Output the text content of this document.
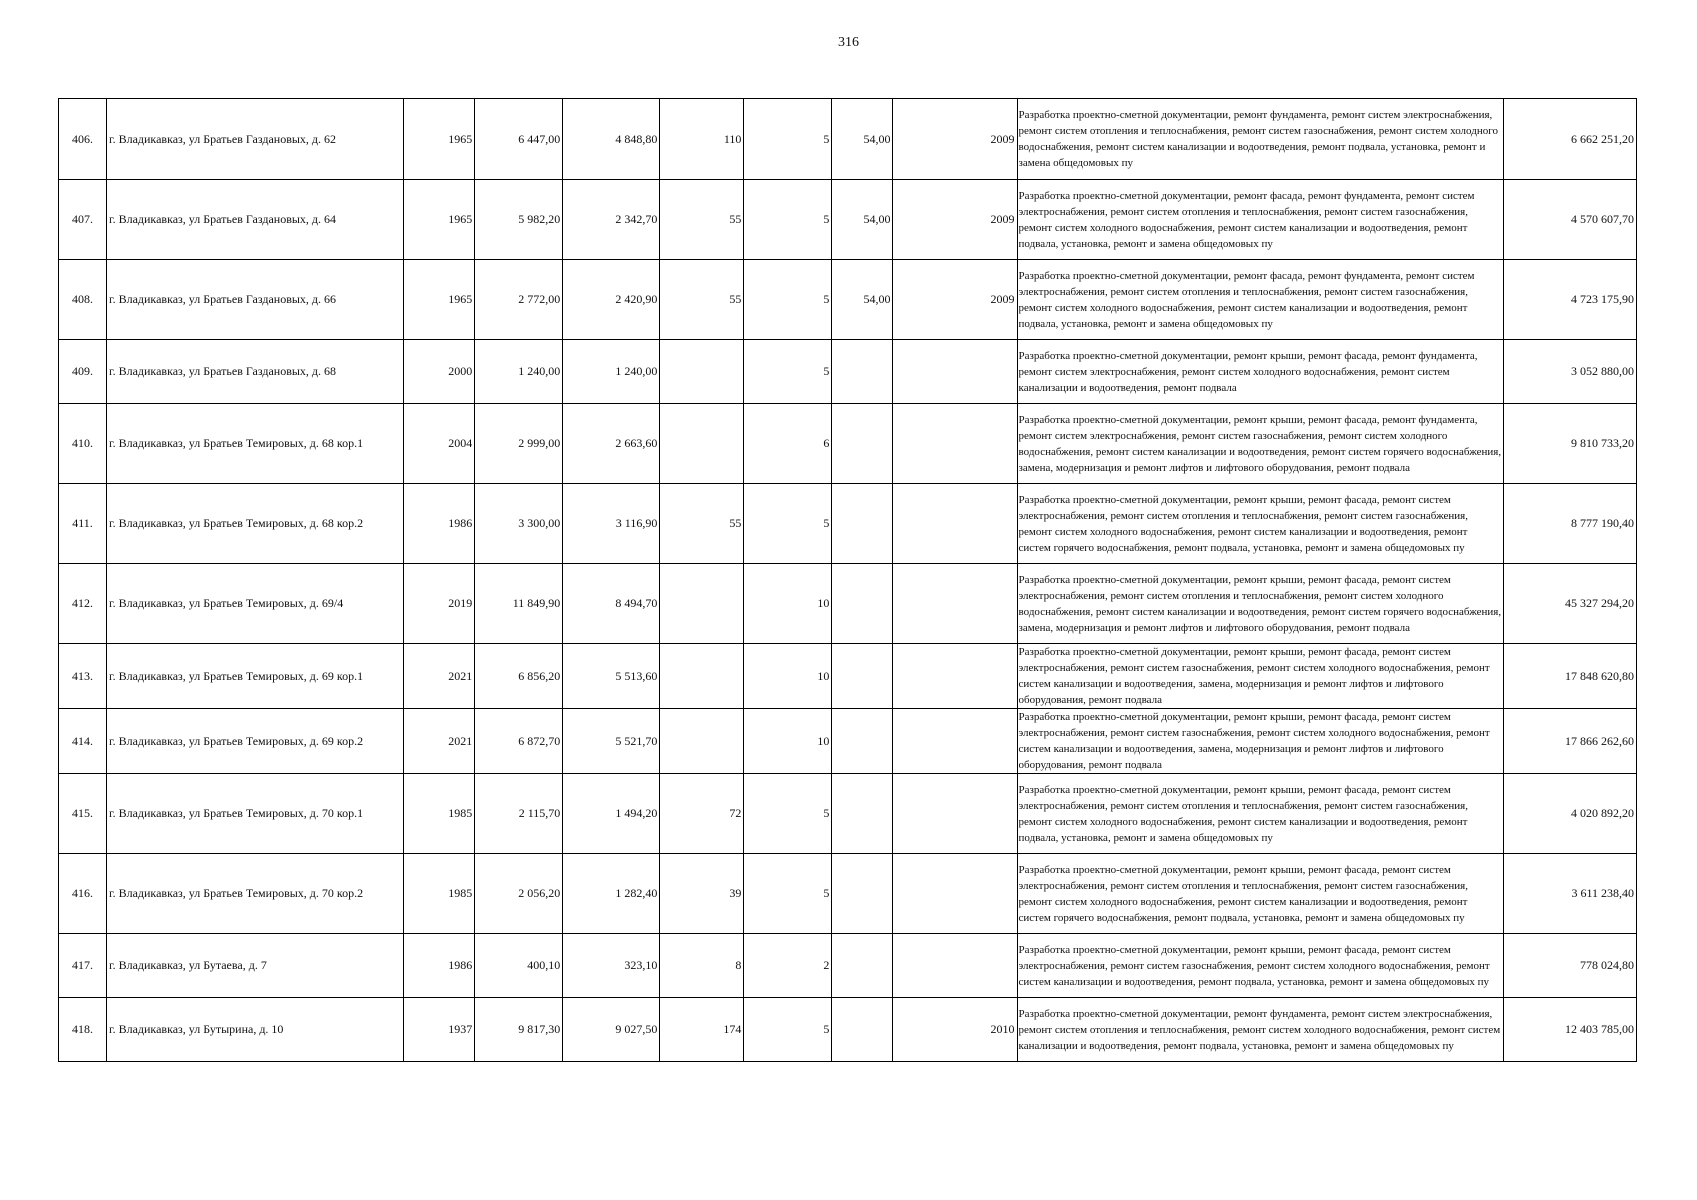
316
406.	г. Владикавказ, ул Братьев Газдановых, д. 62	1965	6 447,00	4 848,80	110	5	54,00	2009	Разработка проектно-сметной документации, ремонт фундамента, ремонт систем электроснабжения, ремонт систем отопления и теплоснабжения, ремонт систем газоснабжения, ремонт систем холодного водоснабжения, ремонт систем канализации и водоотведения, ремонт подвала, установка, ремонт и замена общедомовых пу	6 662 251,20
407.	г. Владикавказ, ул Братьев Газдановых, д. 64	1965	5 982,20	2 342,70	55	5	54,00	2009	Разработка проектно-сметной документации, ремонт фасада, ремонт фундамента, ремонт систем электроснабжения, ремонт систем отопления и теплоснабжения, ремонт систем газоснабжения, ремонт систем холодного водоснабжения, ремонт систем канализации и водоотведения, ремонт подвала, установка, ремонт и замена общедомовых пу	4 570 607,70
408.	г. Владикавказ, ул Братьев Газдановых, д. 66	1965	2 772,00	2 420,90	55	5	54,00	2009	Разработка проектно-сметной документации, ремонт фасада, ремонт фундамента, ремонт систем электроснабжения, ремонт систем отопления и теплоснабжения, ремонт систем газоснабжения, ремонт систем холодного водоснабжения, ремонт систем канализации и водоотведения, ремонт подвала, установка, ремонт и замена общедомовых пу	4 723 175,90
409.	г. Владикавказ, ул Братьев Газдановых, д. 68	2000	1 240,00	1 240,00		5			Разработка проектно-сметной документации, ремонт крыши, ремонт фасада, ремонт фундамента, ремонт систем электроснабжения, ремонт систем холодного водоснабжения, ремонт систем канализации и водоотведения, ремонт подвала	3 052 880,00
410.	г. Владикавказ, ул Братьев Темировых, д. 68 кор.1	2004	2 999,00	2 663,60		6			Разработка проектно-сметной документации, ремонт крыши, ремонт фасада, ремонт фундамента, ремонт систем электроснабжения, ремонт систем газоснабжения, ремонт систем холодного водоснабжения, ремонт систем канализации и водоотведения, ремонт систем горячего водоснабжения, замена, модернизация и ремонт лифтов и лифтового оборудования, ремонт подвала	9 810 733,20
411.	г. Владикавказ, ул Братьев Темировых, д. 68 кор.2	1986	3 300,00	3 116,90	55	5			Разработка проектно-сметной документации, ремонт крыши, ремонт фасада, ремонт систем электроснабжения, ремонт систем отопления и теплоснабжения, ремонт систем газоснабжения, ремонт систем холодного водоснабжения, ремонт систем канализации и водоотведения, ремонт систем горячего водоснабжения, ремонт подвала, установка, ремонт и замена общедомовых пу	8 777 190,40
412.	г. Владикавказ, ул Братьев Темировых, д. 69/4	2019	11 849,90	8 494,70		10			Разработка проектно-сметной документации, ремонт крыши, ремонт фасада, ремонт систем электроснабжения, ремонт систем отопления и теплоснабжения, ремонт систем холодного водоснабжения, ремонт систем канализации и водоотведения, ремонт систем горячего водоснабжения, замена, модернизация и ремонт лифтов и лифтового оборудования, ремонт подвала	45 327 294,20
413.	г. Владикавказ, ул Братьев Темировых, д. 69 кор.1	2021	6 856,20	5 513,60		10			Разработка проектно-сметной документации, ремонт крыши, ремонт фасада, ремонт систем электроснабжения, ремонт систем газоснабжения, ремонт систем холодного водоснабжения, ремонт систем канализации и водоотведения, замена, модернизация и ремонт лифтов и лифтового оборудования, ремонт подвала	17 848 620,80
414.	г. Владикавказ, ул Братьев Темировых, д. 69 кор.2	2021	6 872,70	5 521,70		10			Разработка проектно-сметной документации, ремонт крыши, ремонт фасада, ремонт систем электроснабжения, ремонт систем газоснабжения, ремонт систем холодного водоснабжения, ремонт систем канализации и водоотведения, замена, модернизация и ремонт лифтов и лифтового оборудования, ремонт подвала	17 866 262,60
415.	г. Владикавказ, ул Братьев Темировых, д. 70 кор.1	1985	2 115,70	1 494,20	72	5			Разработка проектно-сметной документации, ремонт крыши, ремонт фасада, ремонт систем электроснабжения, ремонт систем отопления и теплоснабжения, ремонт систем газоснабжения, ремонт систем холодного водоснабжения, ремонт систем канализации и водоотведения, ремонт подвала, установка, ремонт и замена общедомовых пу	4 020 892,20
416.	г. Владикавказ, ул Братьев Темировых, д. 70 кор.2	1985	2 056,20	1 282,40	39	5			Разработка проектно-сметной документации, ремонт крыши, ремонт фасада, ремонт систем электроснабжения, ремонт систем отопления и теплоснабжения, ремонт систем газоснабжения, ремонт систем холодного водоснабжения, ремонт систем канализации и водоотведения, ремонт систем горячего водоснабжения, ремонт подвала, установка, ремонт и замена общедомовых пу	3 611 238,40
417.	г. Владикавказ, ул Бутаева, д. 7	1986	400,10	323,10	8	2			Разработка проектно-сметной документации, ремонт крыши, ремонт фасада, ремонт систем электроснабжения, ремонт систем газоснабжения, ремонт систем холодного водоснабжения, ремонт систем канализации и водоотведения, ремонт подвала, установка, ремонт и замена общедомовых пу	778 024,80
418.	г. Владикавказ, ул Бутырина, д. 10	1937	9 817,30	9 027,50	174	5		2010	Разработка проектно-сметной документации, ремонт фундамента, ремонт систем электроснабжения, ремонт систем отопления и теплоснабжения, ремонт систем холодного водоснабжения, ремонт систем канализации и водоотведения, ремонт подвала, установка, ремонт и замена общедомовых пу	12 403 785,00
